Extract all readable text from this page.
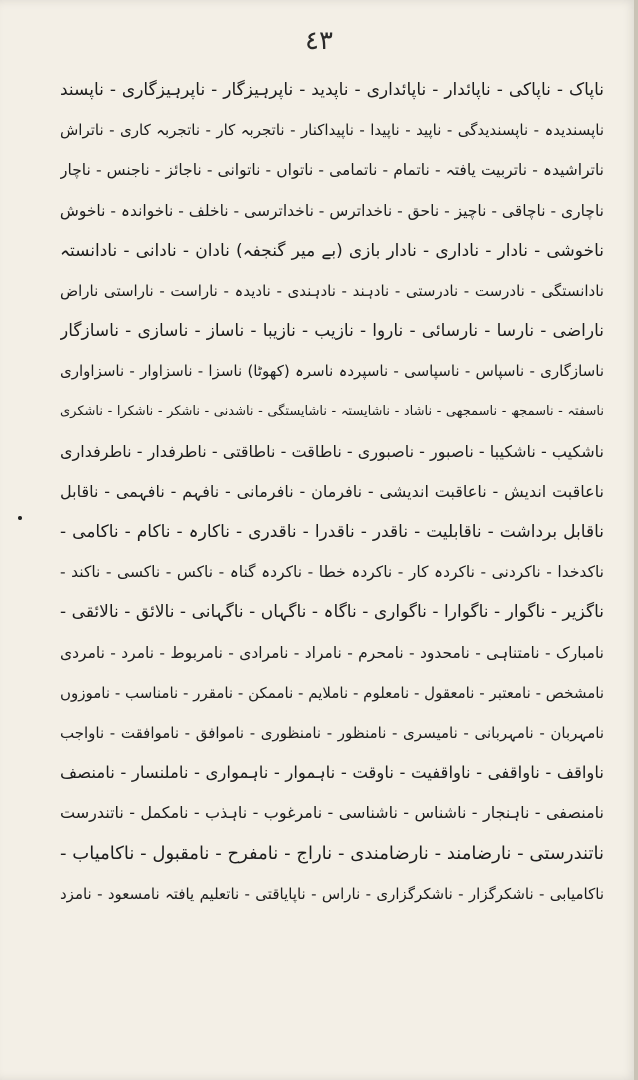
٤٣
ناپاک - ناپاکی - ناپائدار - ناپائداری - ناپدید - ناپرہیزگار - ناپرہیزگاری - ناپسند
ناپسندیدہ - ناپسندیدگی - ناپید - ناپیدا - ناپیداکنار - ناتجربہ کار - ناتجربہ کاری - ناتراش
ناتراشیدہ - ناتربیت یافتہ - ناتمام - ناتمامی - ناتواں - ناتوانی - ناجائز - ناجنس - ناچار
ناچاری - ناچاقی - ناچیز - ناحق - ناخداترس - ناخداترسی - ناخلف - ناخواندہ - ناخوش
ناخوشی - نادار - ناداری - نادار بازی (بے میر گنجفہ) نادان - نادانی - نادانستہ
نادانستگی - نادرست - نادرستی - نادہند - نادہندی - نادیدہ - ناراست - ناراستی ناراض
ناراضی - نارسا - نارسائی - ناروا - نازیب - نازیبا - ناساز - ناسازی - ناسازگار
ناسازگاری - ناسپاس - ناسپاسی - ناسپردہ ناسرہ (کھوٹا) ناسزا - ناسزاوار - ناسزاواری
ناسفتہ - ناسمجھ - ناسمجھی - ناشاد - ناشایستہ - ناشایستگی - ناشدنی - ناشکر - ناشکرا - ناشکری
ناشکیب - ناشکیبا - ناصبور - ناصبوری - ناطاقت - ناطاقتی - ناطرفدار - ناطرفداری
ناعاقبت اندیش - ناعاقبت اندیشی - نافرمان - نافرمانی - نافہم - نافہمی - ناقابل
ناقابل برداشت - ناقابلیت - ناقدر - ناقدرا - ناقدری - ناکارہ - ناکام - ناکامی -
ناکدخدا - ناکردنی - ناکردہ کار - ناکردہ خطا - ناکردہ گناہ - ناکس - ناکسی - ناکند -
ناگزیر - ناگوار - ناگوارا - ناگواری - ناگاہ - ناگہاں - ناگہانی - نالائق - نالائقی -
نامبارک - نامتناہی - نامحدود - نامحرم - نامراد - نامرادی - نامربوط - نامرد - نامردی
نامشخص - نامعتبر - نامعقول - نامعلوم - ناملایم - ناممکن - نامقرر - نامناسب - ناموزوں
نامہربان - نامہربانی - نامیسری - نامنظور - نامنظوری - ناموافق - ناموافقت - ناواجب
ناواقف - ناواقفی - ناواقفیت - ناوقت - ناہموار - ناہمواری - ناملنسار - نامنصف
نامنصفی - ناہنجار - ناشناس - ناشناسی - نامرغوب - ناہذب - نامکمل - ناتندرست
ناتندرستی - نارضامند - نارضامندی - ناراج - نامفرح - نامقبول - ناکامیاب -
ناکامیابی - ناشکرگزار - ناشکرگزاری - ناراس - ناپایاقتی - ناتعلیم یافتہ نامسعود - نامزد
